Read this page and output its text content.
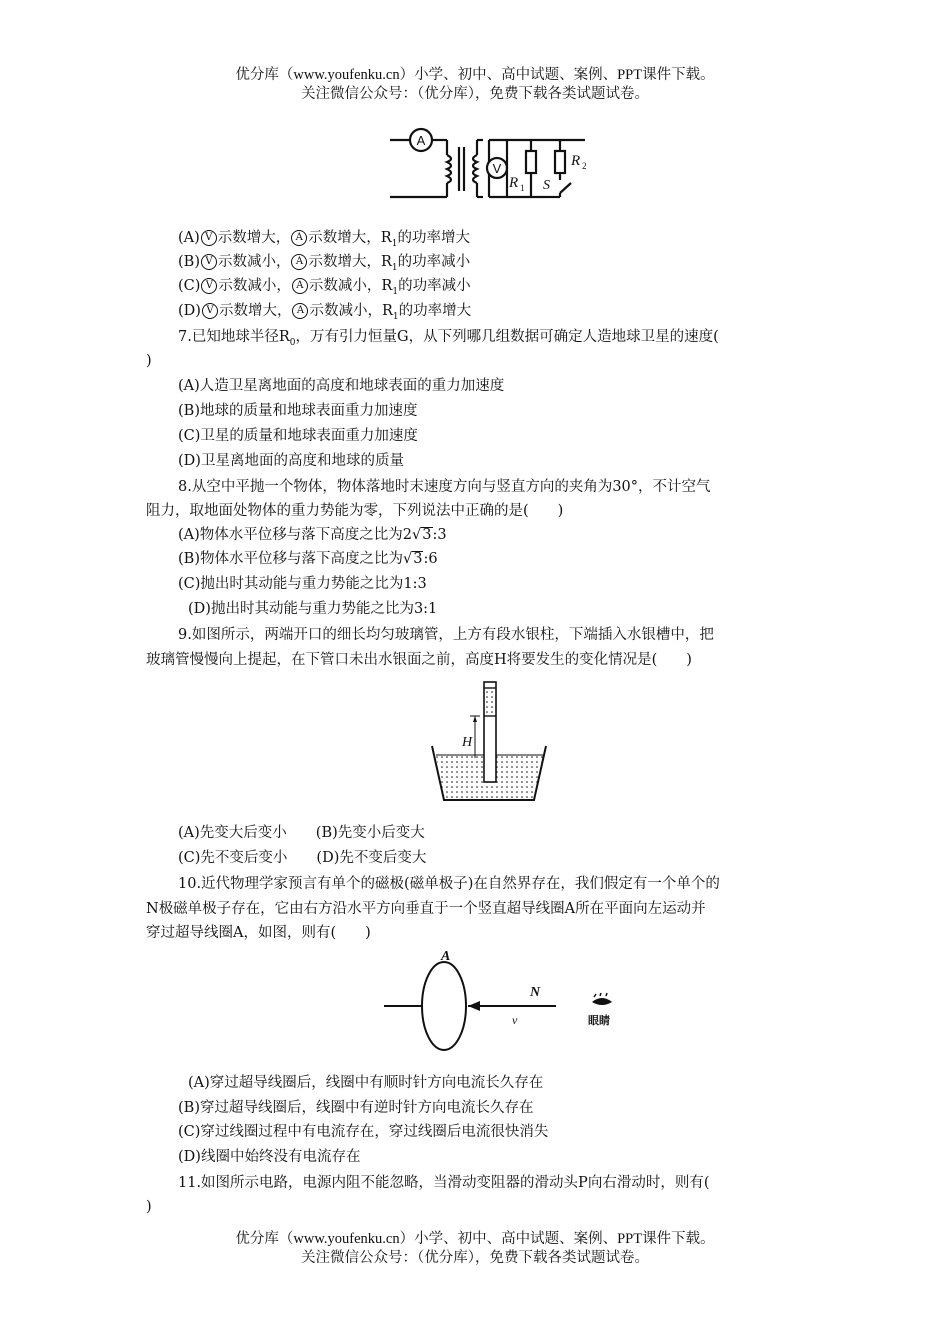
优分库（www.youfenku.cn）小学、初中、高中试题、案例、PPT课件下载。
关注微信公众号：（优分库），免费下载各类试题试卷。
A
V
R 1
R 2
S
(A) V 示数增大， A 示数增大，$R_1$的功率增大
(B) V 示数减小， A 示数增大，$R_1$的功率减小
(C) V 示数减小， A 示数减小，$R_1$的功率减小
(D) V 示数增大， A 示数减小，$R_1$的功率增大
7.已知地球半径$R_0$，万有引力恒量G，从下列哪几组数据可确定人造地球卫星的速度(
)
(A)人造卫星离地面的高度和地球表面的重力加速度
(B)地球的质量和地球表面重力加速度
(C)卫星的质量和地球表面重力加速度
(D)卫星离地面的高度和地球的质量
8.从空中平抛一个物体，物体落地时末速度方向与竖直方向的夹角为30°，不计空气
阻力，取地面处物体的重力势能为零，下列说法中正确的是(　　)
(A)物体水平位移与落下高度之比为2√3:3
(B)物体水平位移与落下高度之比为√3:6
(C)抛出时其动能与重力势能之比为1:3
(D)抛出时其动能与重力势能之比为3:1
9.如图所示，两端开口的细长均匀玻璃管，上方有段水银柱，下端插入水银槽中，把
玻璃管慢慢向上提起，在下管口未出水银面之前，高度H将要发生的变化情况是(　　)
H
(A)先变大后变小　　(B)先变小后变大
(C)先不变后变小　　(D)先不变后变大
10.近代物理学家预言有单个的磁极(磁单极子)在自然界存在，我们假定有一个单个的
N极磁单极子存在，它由右方沿水平方向垂直于一个竖直超导线圈A所在平面向左运动并
穿过超导线圈A，如图，则有(　　)
A
N
v	眼睛
(A)穿过超导线圈后，线圈中有顺时针方向电流长久存在
(B)穿过超导线圈后，线圈中有逆时针方向电流长久存在
(C)穿过线圈过程中有电流存在，穿过线圈后电流很快消失
(D)线圈中始终没有电流存在
11.如图所示电路，电源内阻不能忽略，当滑动变阻器的滑动头P向右滑动时，则有(
)
优分库（www.youfenku.cn）小学、初中、高中试题、案例、PPT课件下载。
关注微信公众号：（优分库），免费下载各类试题试卷。
